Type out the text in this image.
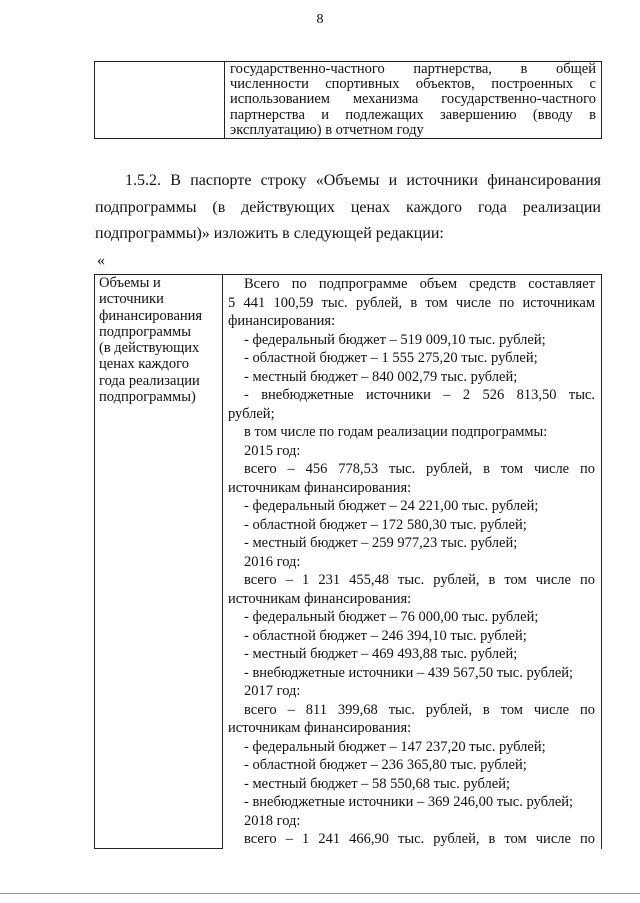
8

государственно-частного партнерства, в общей
численности спортивных объектов, построенных с
использованием механизма государственно-частного
партнерства и подлежащих завершению (вводу в
эксплуатацию) в отчетном году
1.5.2. В паспорте строку «Объемы и источники финансирования
подпрограммы (в действующих ценах каждого года реализации
подпрограммы)» изложить в следующей редакции:
«
Объемы и
источники
финансирования
подпрограммы
(в действующих
ценах каждого
года реализации
подпрограммы)

Всего по подпрограмме объем средств составляет
5 441 100,59 тыс. рублей, в том числе по источникам
финансирования:
- федеральный бюджет – 519 009,10 тыс. рублей;
- областной бюджет – 1 555 275,20 тыс. рублей;
- местный бюджет – 840 002,79 тыс. рублей;
- внебюджетные источники – 2 526 813,50 тыс.
рублей;
в том числе по годам реализации подпрограммы:
2015 год:
всего – 456 778,53 тыс. рублей, в том числе по
источникам финансирования:
- федеральный бюджет – 24 221,00 тыс. рублей;
- областной бюджет – 172 580,30 тыс. рублей;
- местный бюджет – 259 977,23 тыс. рублей;
2016 год:
всего – 1 231 455,48 тыс. рублей, в том числе по
источникам финансирования:
- федеральный бюджет – 76 000,00 тыс. рублей;
- областной бюджет – 246 394,10 тыс. рублей;
- местный бюджет – 469 493,88 тыс. рублей;
- внебюджетные источники – 439 567,50 тыс. рублей;
2017 год:
всего – 811 399,68 тыс. рублей, в том числе по
источникам финансирования:
- федеральный бюджет – 147 237,20 тыс. рублей;
- областной бюджет – 236 365,80 тыс. рублей;
- местный бюджет – 58 550,68 тыс. рублей;
- внебюджетные источники – 369 246,00 тыс. рублей;
2018 год:
всего – 1 241 466,90 тыс. рублей, в том числе по
